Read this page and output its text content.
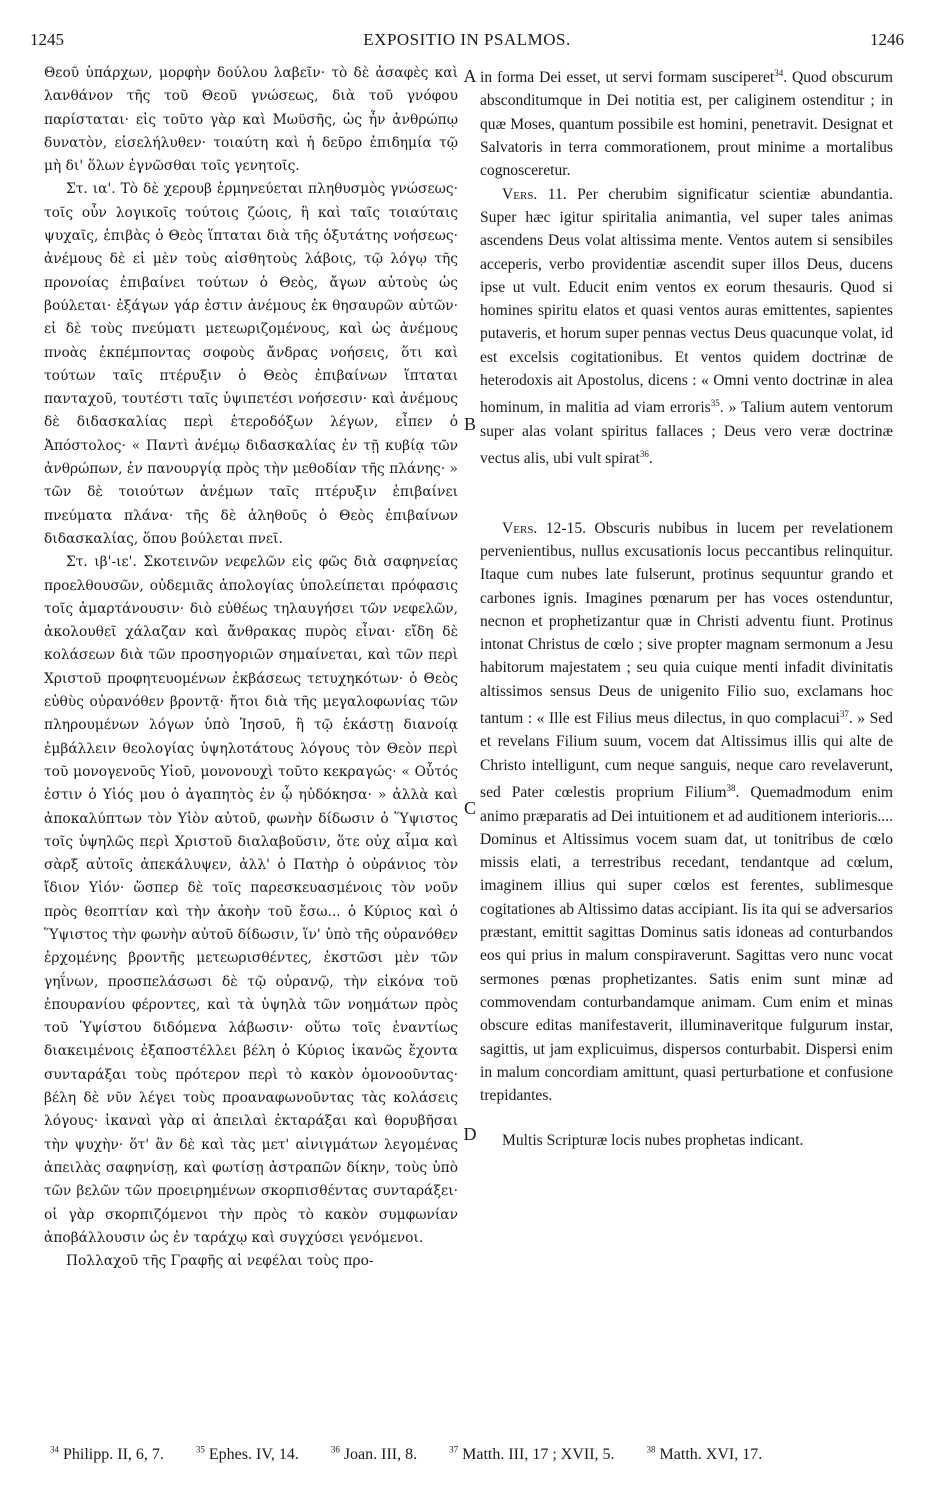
1245	EXPOSITIO IN PSALMOS.	1246

Θεοῦ ὑπάρχων, μορφὴν δούλου λαβεῖν· τὸ δὲ ἀσαφὲς καὶ λανθάνον τῆς τοῦ Θεοῦ γνώσεως, διὰ τοῦ γνόφου παρίσταται· εἰς τοῦτο γὰρ καὶ Μωϋσῆς, ὡς ἦν ἀνθρώπῳ δυνατὸν, εἰσελήλυθεν· τοιαύτη καὶ ἡ δεῦρο ἐπιδημία τῷ μὴ δι' ὅλων ἐγνῶσθαι τοῖς γενητοῖς.

Στ. ια'. Τὸ δὲ χερουβ ἑρμηνεύεται πληθυσμὸς γνώσεως· τοῖς οὖν λογικοῖς τούτοις ζώοις, ἢ καὶ ταῖς τοιαύταις ψυχαῖς, ἐπιβὰς ὁ Θεὸς ἵπταται διὰ τῆς ὀξυτάτης νοήσεως· ἀνέμους δὲ εἰ μὲν τοὺς αἰσθητοὺς λάβοις, τῷ λόγῳ τῆς προνοίας ἐπιβαίνει τούτων ὁ Θεὸς, ἄγων αὐτοὺς ὡς βούλεται· ἐξάγων γάρ ἐστιν ἀνέμους ἐκ θησαυρῶν αὐτῶν· εἰ δὲ τοὺς πνεύματι μετεωριζομένους, καὶ ὡς ἀνέμους πνοὰς ἐκπέμποντας σοφοὺς ἄνδρας νοήσεις, ὅτι καὶ τούτων ταῖς πτέρυξιν ὁ Θεὸς ἐπιβαίνων ἵπταται πανταχοῦ, τουτέστι ταῖς ὑψιπετέσι νοήσεσιν· καὶ ἀνέμους δὲ διδασκαλίας περὶ ἑτεροδόξων λέγων, εἶπεν ὁ Ἀπόστολος· « Παντὶ ἀνέμῳ διδασκαλίας ἐν τῇ κυβίᾳ τῶν ἀνθρώπων, ἐν πανουργίᾳ πρὸς τὴν μεθοδίαν τῆς πλάνης· » τῶν δὲ τοιούτων ἀνέμων ταῖς πτέρυξιν ἐπιβαίνει πνεύματα πλάνα· τῆς δὲ ἀληθοῦς ὁ Θεὸς ἐπιβαίνων διδασκαλίας, ὅπου βούλεται πνεῖ.

Στ. ιβ'-ιε'. Σκοτεινῶν νεφελῶν εἰς φῶς διὰ σαφηνείας προελθουσῶν, οὐδεμιᾶς ἀπολογίας ὑπολείπεται πρόφασις τοῖς ἁμαρτάνουσιν· διὸ εὐθέως τηλαυγήσει τῶν νεφελῶν, ἀκολουθεῖ χάλαζαν καὶ ἄνθρακας πυρὸς εἶναι· εἴδη δὲ κολάσεων διὰ τῶν προσηγοριῶν σημαίνεται, καὶ τῶν περὶ Χριστοῦ προφητευομένων ἐκβάσεως τετυχηκότων· ὁ Θεὸς εὐθὺς οὐρανόθεν βροντᾷ· ἤτοι διὰ τῆς μεγαλοφωνίας τῶν πληρουμένων λόγων ὑπὸ Ἰησοῦ, ἢ τῷ ἑκάστῃ διανοίᾳ ἐμβάλλειν θεολογίας ὑψηλοτάτους λόγους τὸν Θεὸν περὶ τοῦ μονογενοῦς Υἱοῦ, μονονουχὶ τοῦτο κεκραγώς· « Οὗτός ἐστιν ὁ Υἱός μου ὁ ἀγαπητὸς ἐν ᾧ ηὐδόκησα· » ἀλλὰ καὶ ἀποκαλύπτων τὸν Υἱὸν αὐτοῦ, φωνὴν δίδωσιν ὁ Ὕψιστος τοῖς ὑψηλῶς περὶ Χριστοῦ διαλαβοῦσιν, ὅτε οὐχ αἷμα καὶ σὰρξ αὐτοῖς ἀπεκάλυψεν, ἀλλ' ὁ Πατὴρ ὁ οὐράνιος τὸν ἴδιον Υἱόν· ὥσπερ δὲ τοῖς παρεσκευασμένοις τὸν νοῦν πρὸς θεοπτίαν καὶ τὴν ἀκοὴν τοῦ ἔσω... ὁ Κύριος καὶ ὁ Ὕψιστος τὴν φωνὴν αὐτοῦ δίδωσιν, ἵν' ὑπὸ τῆς οὐρανόθεν ἐρχομένης βροντῆς μετεωρισθέντες, ἐκστῶσι μὲν τῶν γηΐνων, προσπελάσωσι δὲ τῷ οὐρανῷ, τὴν εἰκόνα τοῦ ἐπουρανίου φέροντες, καὶ τὰ ὑψηλὰ τῶν νοημάτων πρὸς τοῦ Ὑψίστου διδόμενα λάβωσιν· οὕτω τοῖς ἐναντίως διακειμένοις ἐξαποστέλλει βέλη ὁ Κύριος ἱκανῶς ἔχοντα συνταράξαι τοὺς πρότερον περὶ τὸ κακὸν ὁμονοοῦντας· βέλη δὲ νῦν λέγει τοὺς προαναφωνοῦντας τὰς κολάσεις λόγους· ἱκαναὶ γὰρ αἱ ἀπειλαὶ ἐκταράξαι καὶ θορυβῆσαι τὴν ψυχὴν· ὅτ' ἂν δὲ καὶ τὰς μετ' αἰνιγμάτων λεγομένας ἀπειλὰς σαφηνίσῃ, καὶ φωτίσῃ ἀστραπῶν δίκην, τοὺς ὑπὸ τῶν βελῶν τῶν προειρημένων σκορπισθέντας συνταράξει· οἱ γὰρ σκορπιζόμενοι τὴν πρὸς τὸ κακὸν συμφωνίαν ἀποβάλλουσιν ὡς ἐν ταράχῳ καὶ συγχύσει γενόμενοι.

Πολλαχοῦ τῆς Γραφῆς αἱ νεφέλαι τοὺς προ-

A
B
C
D

in forma Dei esset, ut servi formam susciperet$^{34}$. Quod obscurum absconditumque in Dei notitia est, per caliginem ostenditur ; in quæ Moses, quantum possibile est homini, penetravit. Designat et Salvatoris in terra commorationem, prout minime a mortalibus cognosceretur.

Vers. 11. Per cherubim significatur scientiæ abundantia. Super hæc igitur spiritalia animantia, vel super tales animas ascendens Deus volat altissima mente. Ventos autem si sensibiles acceperis, verbo providentiæ ascendit super illos Deus, ducens ipse ut vult. Educit enim ventos ex eorum thesauris. Quod si homines spiritu elatos et quasi ventos auras emittentes, sapientes putaveris, et horum super pennas vectus Deus quacunque volat, id est excelsis cogitationibus. Et ventos quidem doctrinæ de heterodoxis ait Apostolus, dicens : « Omni vento doctrinæ in alea hominum, in malitia ad viam erroris$^{35}$. » Talium autem ventorum super alas volant spiritus fallaces ; Deus vero veræ doctrinæ vectus alis, ubi vult spirat$^{36}$.

Vers. 12-15. Obscuris nubibus in lucem per revelationem pervenientibus, nullus excusationis locus peccantibus relinquitur. Itaque cum nubes late fulserunt, protinus sequuntur grando et carbones ignis. Imagines pœnarum per has voces ostenduntur, necnon et prophetizantur quæ in Christi adventu fiunt. Protinus intonat Christus de cœlo ; sive propter magnam sermonum a Jesu habitorum majestatem ; seu quia cuique menti infadit divinitatis altissimos sensus Deus de unigenito Filio suo, exclamans hoc tantum : « Ille est Filius meus dilectus, in quo complacui$^{37}$. » Sed et revelans Filium suum, vocem dat Altissimus illis qui alte de Christo intelligunt, cum neque sanguis, neque caro revelaverunt, sed Pater cœlestis proprium Filium$^{38}$. Quemadmodum enim animo præparatis ad Dei intuitionem et ad auditionem interioris.... Dominus et Altissimus vocem suam dat, ut tonitribus de cœlo missis elati, a terrestribus recedant, tendantque ad cœlum, imaginem illius qui super cœlos est ferentes, sublimesque cogitationes ab Altissimo datas accipiant. Iis ita qui se adversarios præstant, emittit sagittas Dominus satis idoneas ad conturbandos eos qui prius in malum conspiraverunt. Sagittas vero nunc vocat sermones pœnas prophetizantes. Satis enim sunt minæ ad commovendam conturbandamque animam. Cum enim et minas obscure editas manifestaverit, illuminaveritque fulgurum instar, sagittis, ut jam explicuimus, dispersos conturbabit. Dispersi enim in malum concordiam amittunt, quasi perturbatione et confusione trepidantes.

Multis Scripturæ locis nubes prophetas indicant.

$^{34}$ Philipp. II, 6, 7.	$^{35}$ Ephes. IV, 14.	$^{36}$ Joan. III, 8.	$^{37}$ Matth. III, 17 ; XVII, 5.	$^{38}$ Matth. XVI, 17.
